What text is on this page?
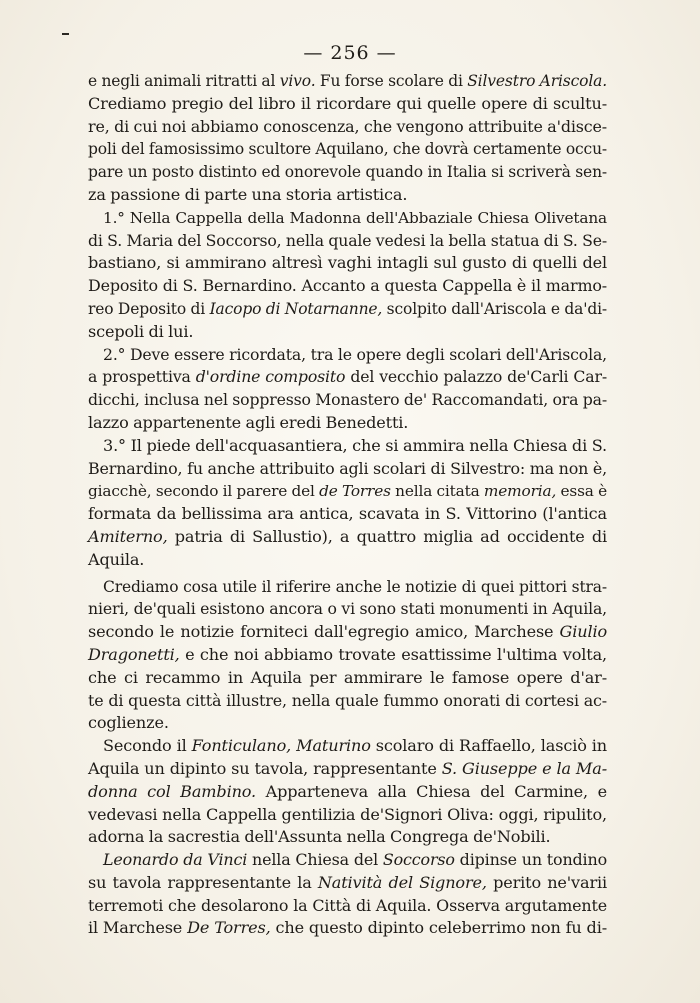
— 256 —
e negli animali ritratti al vivo. Fu forse scolare di Silvestro Ariscola.
Crediamo pregio del libro il ricordare qui quelle opere di scultu-
re, di cui noi abbiamo conoscenza, che vengono attribuite a'disce-
poli del famosissimo scultore Aquilano, che dovrà certamente occu-
pare un posto distinto ed onorevole quando in Italia si scriverà sen-
za passione di parte una storia artistica.
1.° Nella Cappella della Madonna dell'Abbaziale Chiesa Olivetana
di S. Maria del Soccorso, nella quale vedesi la bella statua di S. Se-
bastiano, si ammirano altresì vaghi intagli sul gusto di quelli del
Deposito di S. Bernardino. Accanto a questa Cappella è il marmo-
reo Deposito di Iacopo di Notarnanne, scolpito dall'Ariscola e da'di-
scepoli di lui.
2.° Deve essere ricordata, tra le opere degli scolari dell'Ariscola,
a prospettiva d'ordine composito del vecchio palazzo de'Carli Car-
dicchi, inclusa nel soppresso Monastero de' Raccomandati, ora pa-
lazzo appartenente agli eredi Benedetti.
3.° Il piede dell'acquasantiera, che si ammira nella Chiesa di S.
Bernardino, fu anche attribuito agli scolari di Silvestro: ma non è,
giacchè, secondo il parere del de Torres nella citata memoria, essa è
formata da bellissima ara antica, scavata in S. Vittorino (l'antica
Amiterno, patria di Sallustio), a quattro miglia ad occidente di
Aquila.
Crediamo cosa utile il riferire anche le notizie di quei pittori stra-
nieri, de'quali esistono ancora o vi sono stati monumenti in Aquila,
secondo le notizie forniteci dall'egregio amico, Marchese Giulio
Dragonetti, e che noi abbiamo trovate esattissime l'ultima volta,
che ci recammo in Aquila per ammirare le famose opere d'ar-
te di questa città illustre, nella quale fummo onorati di cortesi ac-
coglienze.
Secondo il Fonticulano, Maturino scolaro di Raffaello, lasciò in
Aquila un dipinto su tavola, rappresentante S. Giuseppe e la Ma-
donna col Bambino. Apparteneva alla Chiesa del Carmine, e
vedevasi nella Cappella gentilizia de'Signori Oliva: oggi, ripulito,
adorna la sacrestia dell'Assunta nella Congrega de'Nobili.
Leonardo da Vinci nella Chiesa del Soccorso dipinse un tondino
su tavola rappresentante la Natività del Signore, perito ne'varii
terremoti che desolarono la Città di Aquila. Osserva argutamente
il Marchese De Torres, che questo dipinto celeberrimo non fu di-
